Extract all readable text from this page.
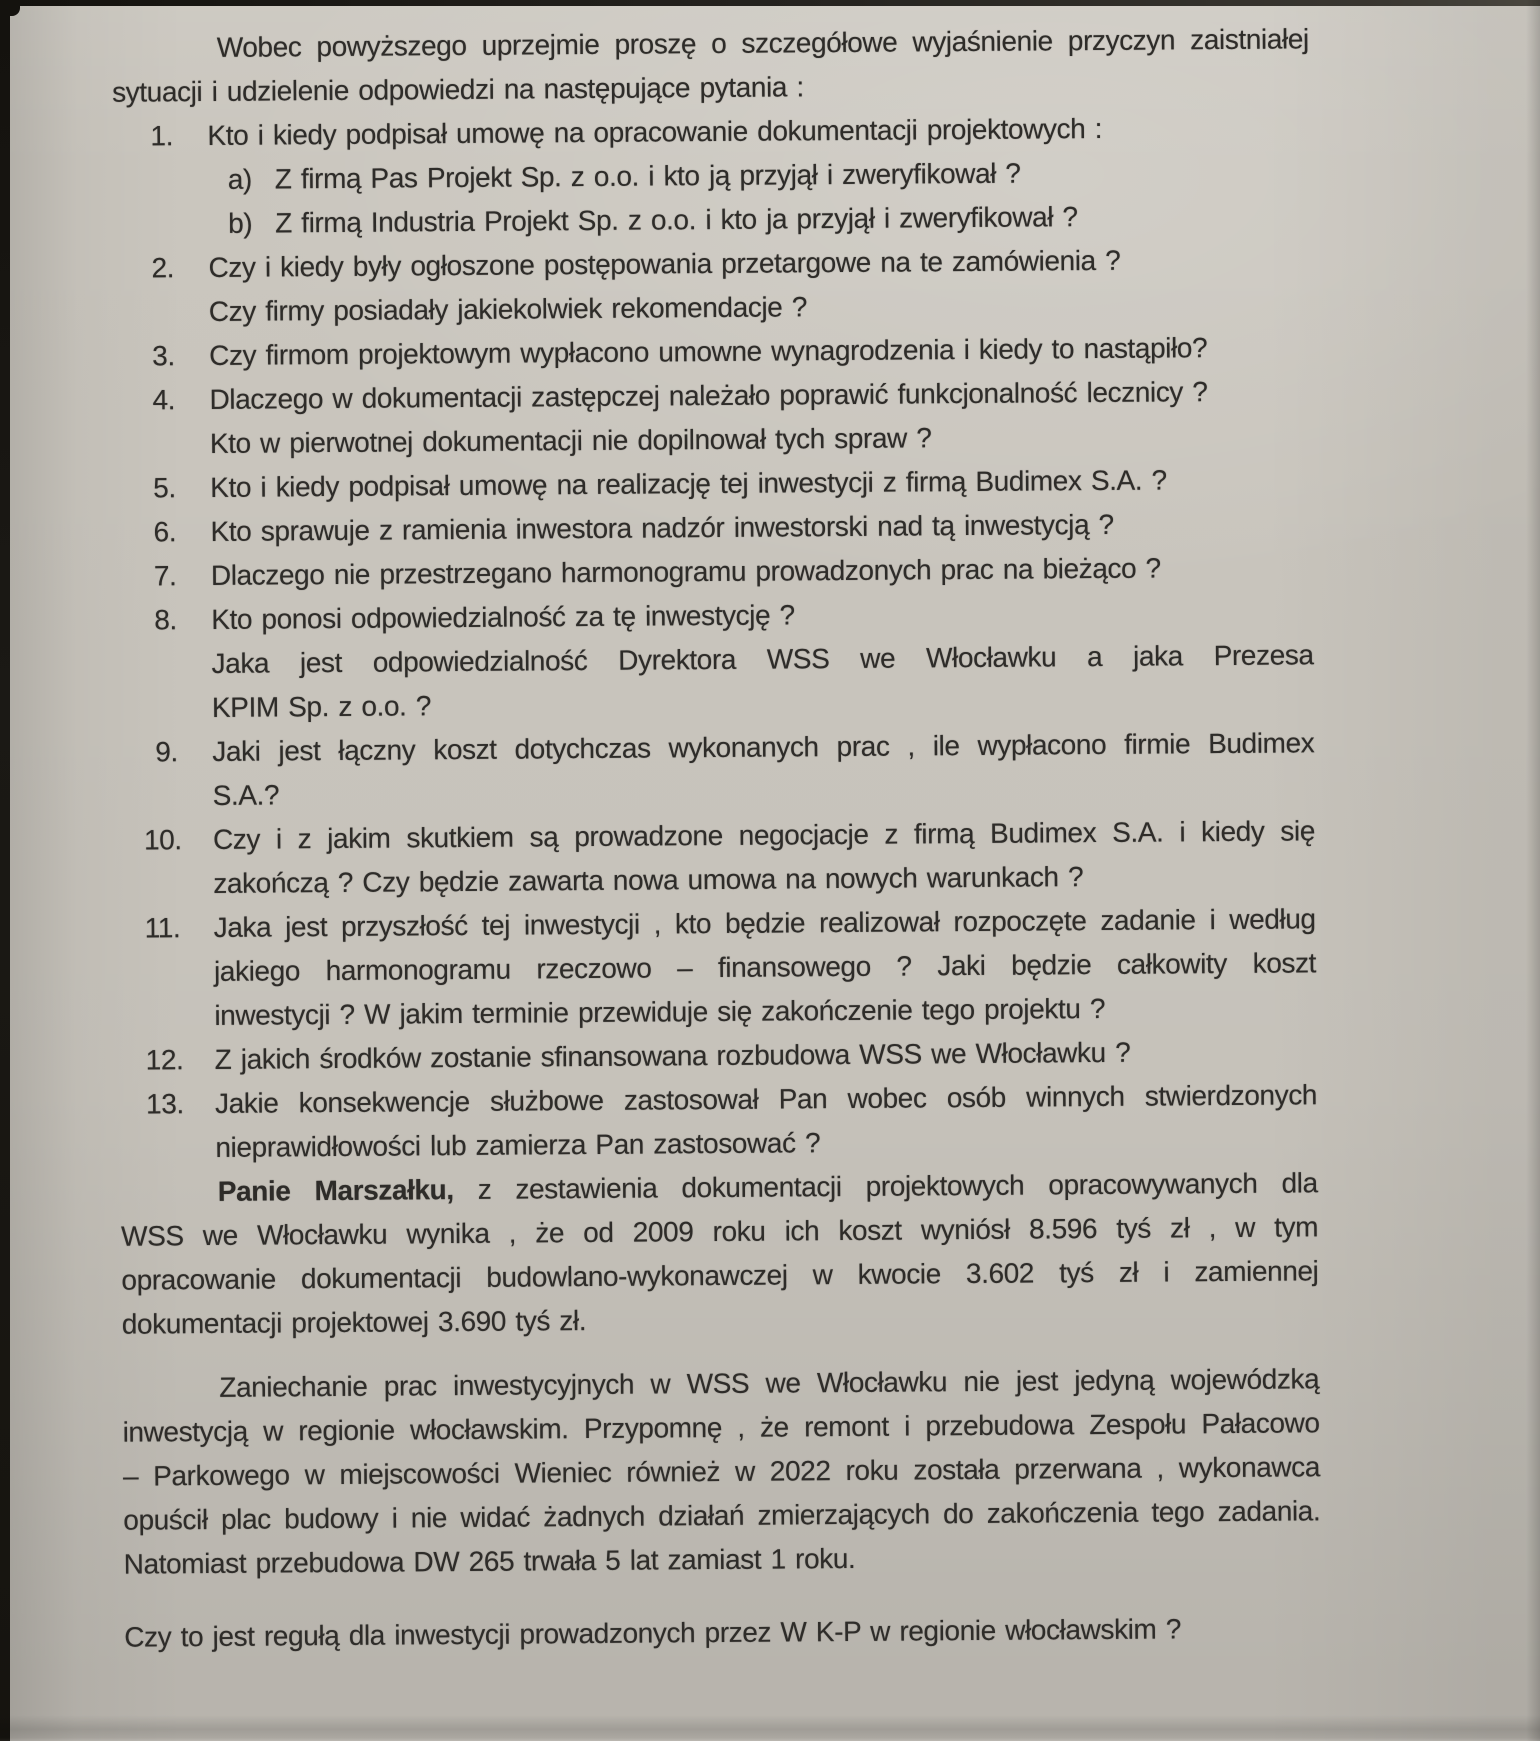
Wobec powyższego uprzejmie proszę o szczegółowe wyjaśnienie przyczyn zaistniałej
sytuacji i udzielenie odpowiedzi na następujące pytania :
1. Kto i kiedy podpisał umowę na opracowanie dokumentacji projektowych :
a) Z firmą Pas Projekt Sp. z o.o. i kto ją przyjął i zweryfikował ?
b) Z firmą Industria Projekt Sp. z o.o. i kto ja przyjął i zweryfikował ?
2. Czy i kiedy były ogłoszone postępowania przetargowe na te zamówienia ?
Czy firmy posiadały jakiekolwiek rekomendacje ?
3. Czy firmom projektowym wypłacono umowne wynagrodzenia i kiedy to nastąpiło?
4. Dlaczego w dokumentacji zastępczej należało poprawić funkcjonalność lecznicy ?
Kto w pierwotnej dokumentacji nie dopilnował tych spraw ?
5. Kto i kiedy podpisał umowę na realizację tej inwestycji z firmą Budimex S.A. ?
6. Kto sprawuje z ramienia inwestora nadzór inwestorski nad tą inwestycją ?
7. Dlaczego nie przestrzegano harmonogramu prowadzonych prac na bieżąco ?
8. Kto ponosi odpowiedzialność za tę inwestycję ?
Jaka jest odpowiedzialność Dyrektora WSS we Włocławku a jaka Prezesa
KPIM Sp. z o.o. ?
9. Jaki jest łączny koszt dotychczas wykonanych prac , ile wypłacono firmie Budimex
S.A.?
10. Czy i z jakim skutkiem są prowadzone negocjacje z firmą Budimex S.A. i kiedy się
zakończą ? Czy będzie zawarta nowa umowa na nowych warunkach ?
11. Jaka jest przyszłość tej inwestycji , kto będzie realizował rozpoczęte zadanie i według
jakiego harmonogramu rzeczowo – finansowego ? Jaki będzie całkowity koszt
inwestycji ? W jakim terminie przewiduje się zakończenie tego projektu ?
12. Z jakich środków zostanie sfinansowana rozbudowa WSS we Włocławku ?
13. Jakie konsekwencje służbowe zastosował Pan wobec osób winnych stwierdzonych
nieprawidłowości lub zamierza Pan zastosować ?
Panie Marszałku, z zestawienia dokumentacji projektowych opracowywanych dla
WSS we Włocławku wynika , że od 2009 roku ich koszt wyniósł 8.596 tyś zł , w tym
opracowanie dokumentacji budowlano-wykonawczej w kwocie 3.602 tyś zł i zamiennej
dokumentacji projektowej 3.690 tyś zł.
Zaniechanie prac inwestycyjnych w WSS we Włocławku nie jest jedyną wojewódzką
inwestycją w regionie włocławskim. Przypomnę , że remont i przebudowa Zespołu Pałacowo
– Parkowego w miejscowości Wieniec również w 2022 roku została przerwana , wykonawca
opuścił plac budowy i nie widać żadnych działań zmierzających do zakończenia tego zadania.
Natomiast przebudowa DW 265 trwała 5 lat zamiast 1 roku.
Czy to jest regułą dla inwestycji prowadzonych przez W K-P w regionie włocławskim ?
